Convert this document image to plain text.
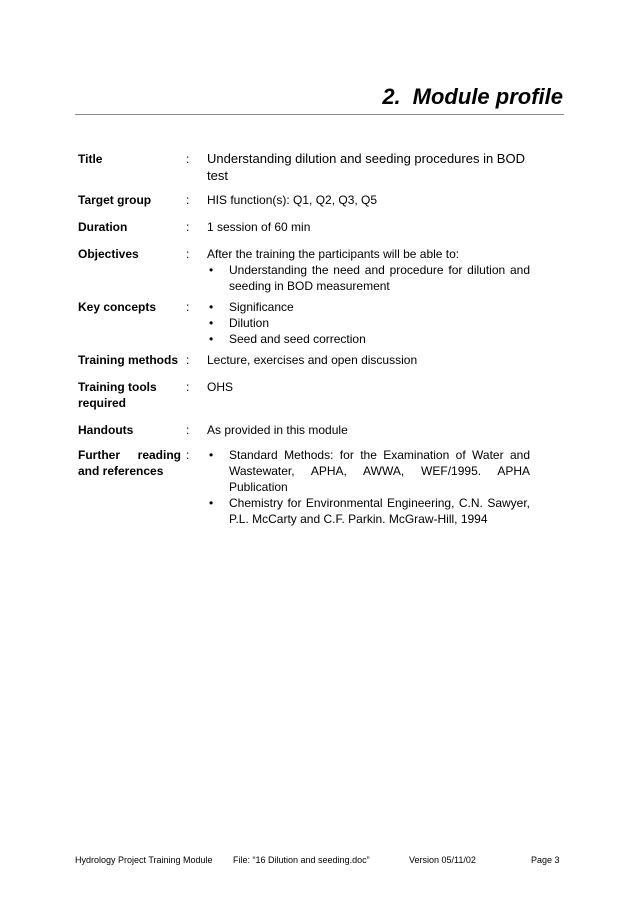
2. Module profile
Title	: Understanding dilution and seeding procedures in BOD test
Target group	: HIS function(s): Q1, Q2, Q3, Q5
Duration	: 1 session of 60 min
Objectives	: After the training the participants will be able to:
• Understanding the need and procedure for dilution and seeding in BOD measurement
Key concepts	: • Significance
• Dilution
• Seed and seed correction
Training methods : Lecture, exercises and open discussion
Training tools
required
: OHS
Handouts	: As provided in this module
Further reading
and references
: • Standard Methods: for the Examination of Water and Wastewater, APHA, AWWA, WEF/1995. APHA Publication
• Chemistry for Environmental Engineering, C.N. Sawyer, P.L. McCarty and C.F. Parkin. McGraw-Hill, 1994
Hydrology Project Training Module File: “16 Dilution and seeding.doc”	Version 05/11/02	Page 3
